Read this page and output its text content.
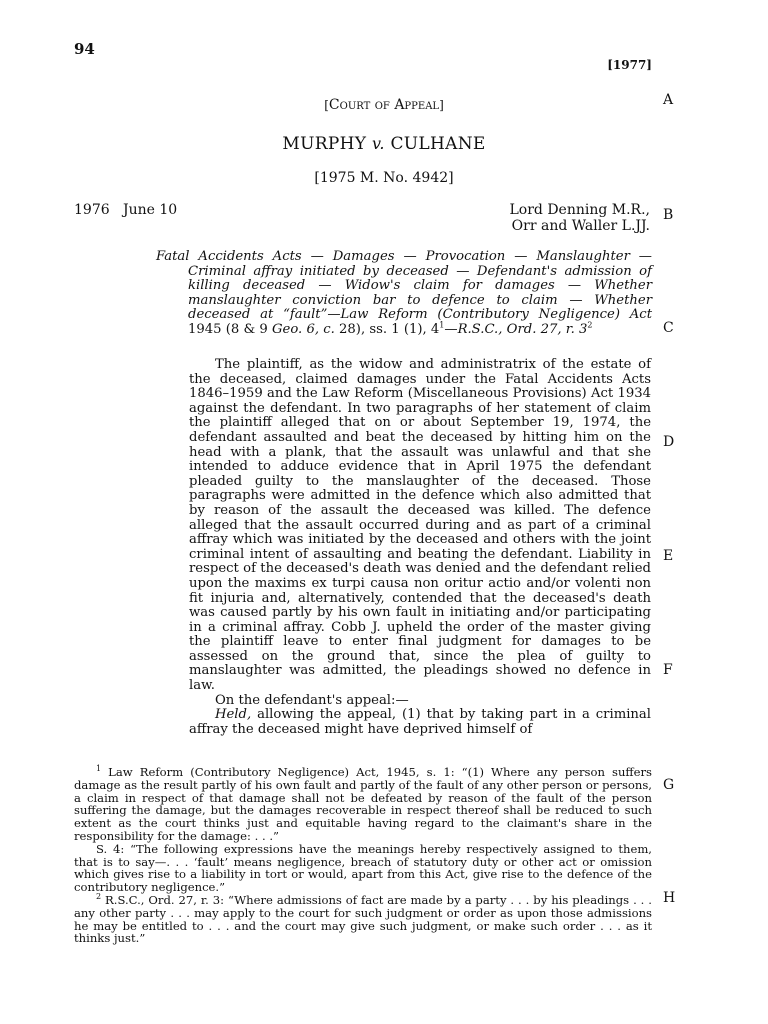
94
[1977]
[Court of Appeal]
MURPHY v. CULHANE
[1975 M. No. 4942]
1976 June 10	Lord Denning M.R.,
Orr and Waller L.JJ.
A
B
C
D
E
F
G
H

Fatal Accidents Acts — Damages — Provocation — Manslaughter — Criminal affray initiated by deceased — Defendant's admission of killing deceased — Widow's claim for damages — Whether manslaughter conviction bar to defence to claim — Whether deceased at “fault”—Law Reform (Contributory Negligence) Act 1945 (8 & 9 Geo. 6, c. 28), ss. 1 (1), $4^1—R.S.C$., Ord. 27, r. $3^2$

The plaintiff, as the widow and administratrix of the estate of the deceased, claimed damages under the Fatal Accidents Acts 1846–1959 and the Law Reform (Miscellaneous Provisions) Act 1934 against the defendant. In two paragraphs of her statement of claim the plaintiff alleged that on or about September 19, 1974, the defendant assaulted and beat the deceased by hitting him on the head with a plank, that the assault was unlawful and that she intended to adduce evidence that in April 1975 the defendant pleaded guilty to the manslaughter of the deceased. Those paragraphs were admitted in the defence which also admitted that by reason of the assault the deceased was killed. The defence alleged that the assault occurred during and as part of a criminal affray which was initiated by the deceased and others with the joint criminal intent of assaulting and beating the defendant. Liability in respect of the deceased's death was denied and the defendant relied upon the maxims ex turpi causa non oritur actio and/or volenti non fit injuria and, alternatively, contended that the deceased's death was caused partly by his own fault in initiating and/or participating in a criminal affray. Cobb J. upheld the order of the master giving the plaintiff leave to enter final judgment for damages to be assessed on the ground that, since the plea of guilty to manslaughter was admitted, the pleadings showed no defence in law.

On the defendant's appeal:—

Held, allowing the appeal, (1) that by taking part in a criminal affray the deceased might have deprived himself of

$^1$ Law Reform (Contributory Negligence) Act, 1945, s. 1: “(1) Where any person suffers damage as the result partly of his own fault and partly of the fault of any other person or persons, a claim in respect of that damage shall not be defeated by reason of the fault of the person suffering the damage, but the damages recoverable in respect thereof shall be reduced to such extent as the court thinks just and equitable having regard to the claimant's share in the responsibility for the damage: . . .”

S. 4: “The following expressions have the meanings hereby respectively assigned to them, that is to say—. . . ‘fault’ means negligence, breach of statutory duty or other act or omission which gives rise to a liability in tort or would, apart from this Act, give rise to the defence of the contributory negligence.”

$^2$ R.S.C., Ord. 27, r. 3: “Where admissions of fact are made by a party . . . by his pleadings . . . any other party . . . may apply to the court for such judgment or order as upon those admissions he may be entitled to . . . and the court may give such judgment, or make such order . . . as it thinks just.”
